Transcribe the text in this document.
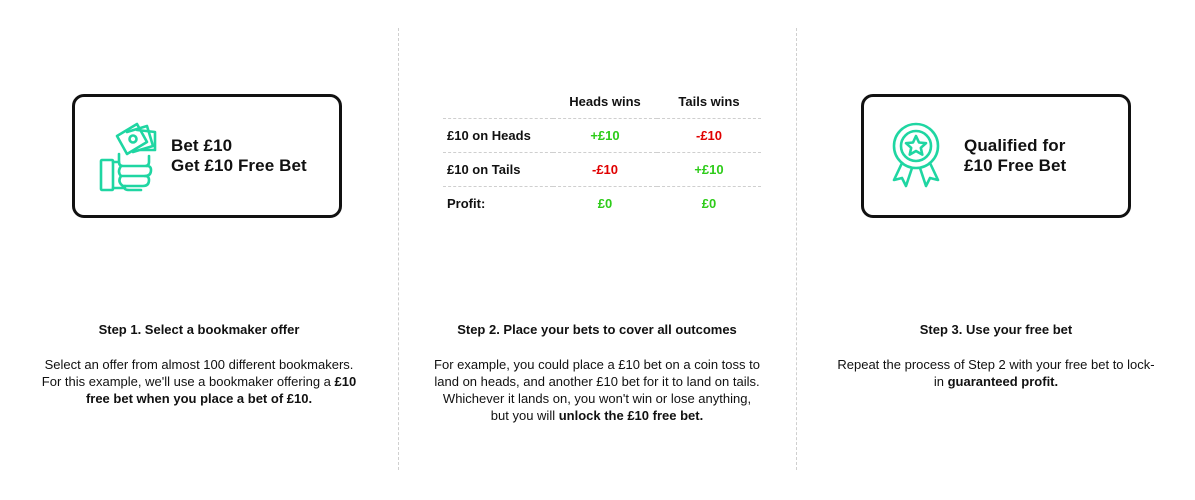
Bet £10
Get £10 Free Bet
Step 1. Select a bookmaker offer
Select an offer from almost 100 different bookmakers. For this example, we'll use a bookmaker offering a £10 free bet when you place a bet of £10.
	Heads wins	Tails wins
£10 on Heads	+£10	-£10
£10 on Tails	-£10	+£10
Profit:	£0	£0
Step 2. Place your bets to cover all outcomes
For example, you could place a £10 bet on a coin toss to land on heads, and another £10 bet for it to land on tails. Whichever it lands on, you won't win or lose anything, but you will unlock the £10 free bet.
Qualified for
£10 Free Bet
Step 3. Use your free bet
Repeat the process of Step 2 with your free bet to lock-in guaranteed profit.
